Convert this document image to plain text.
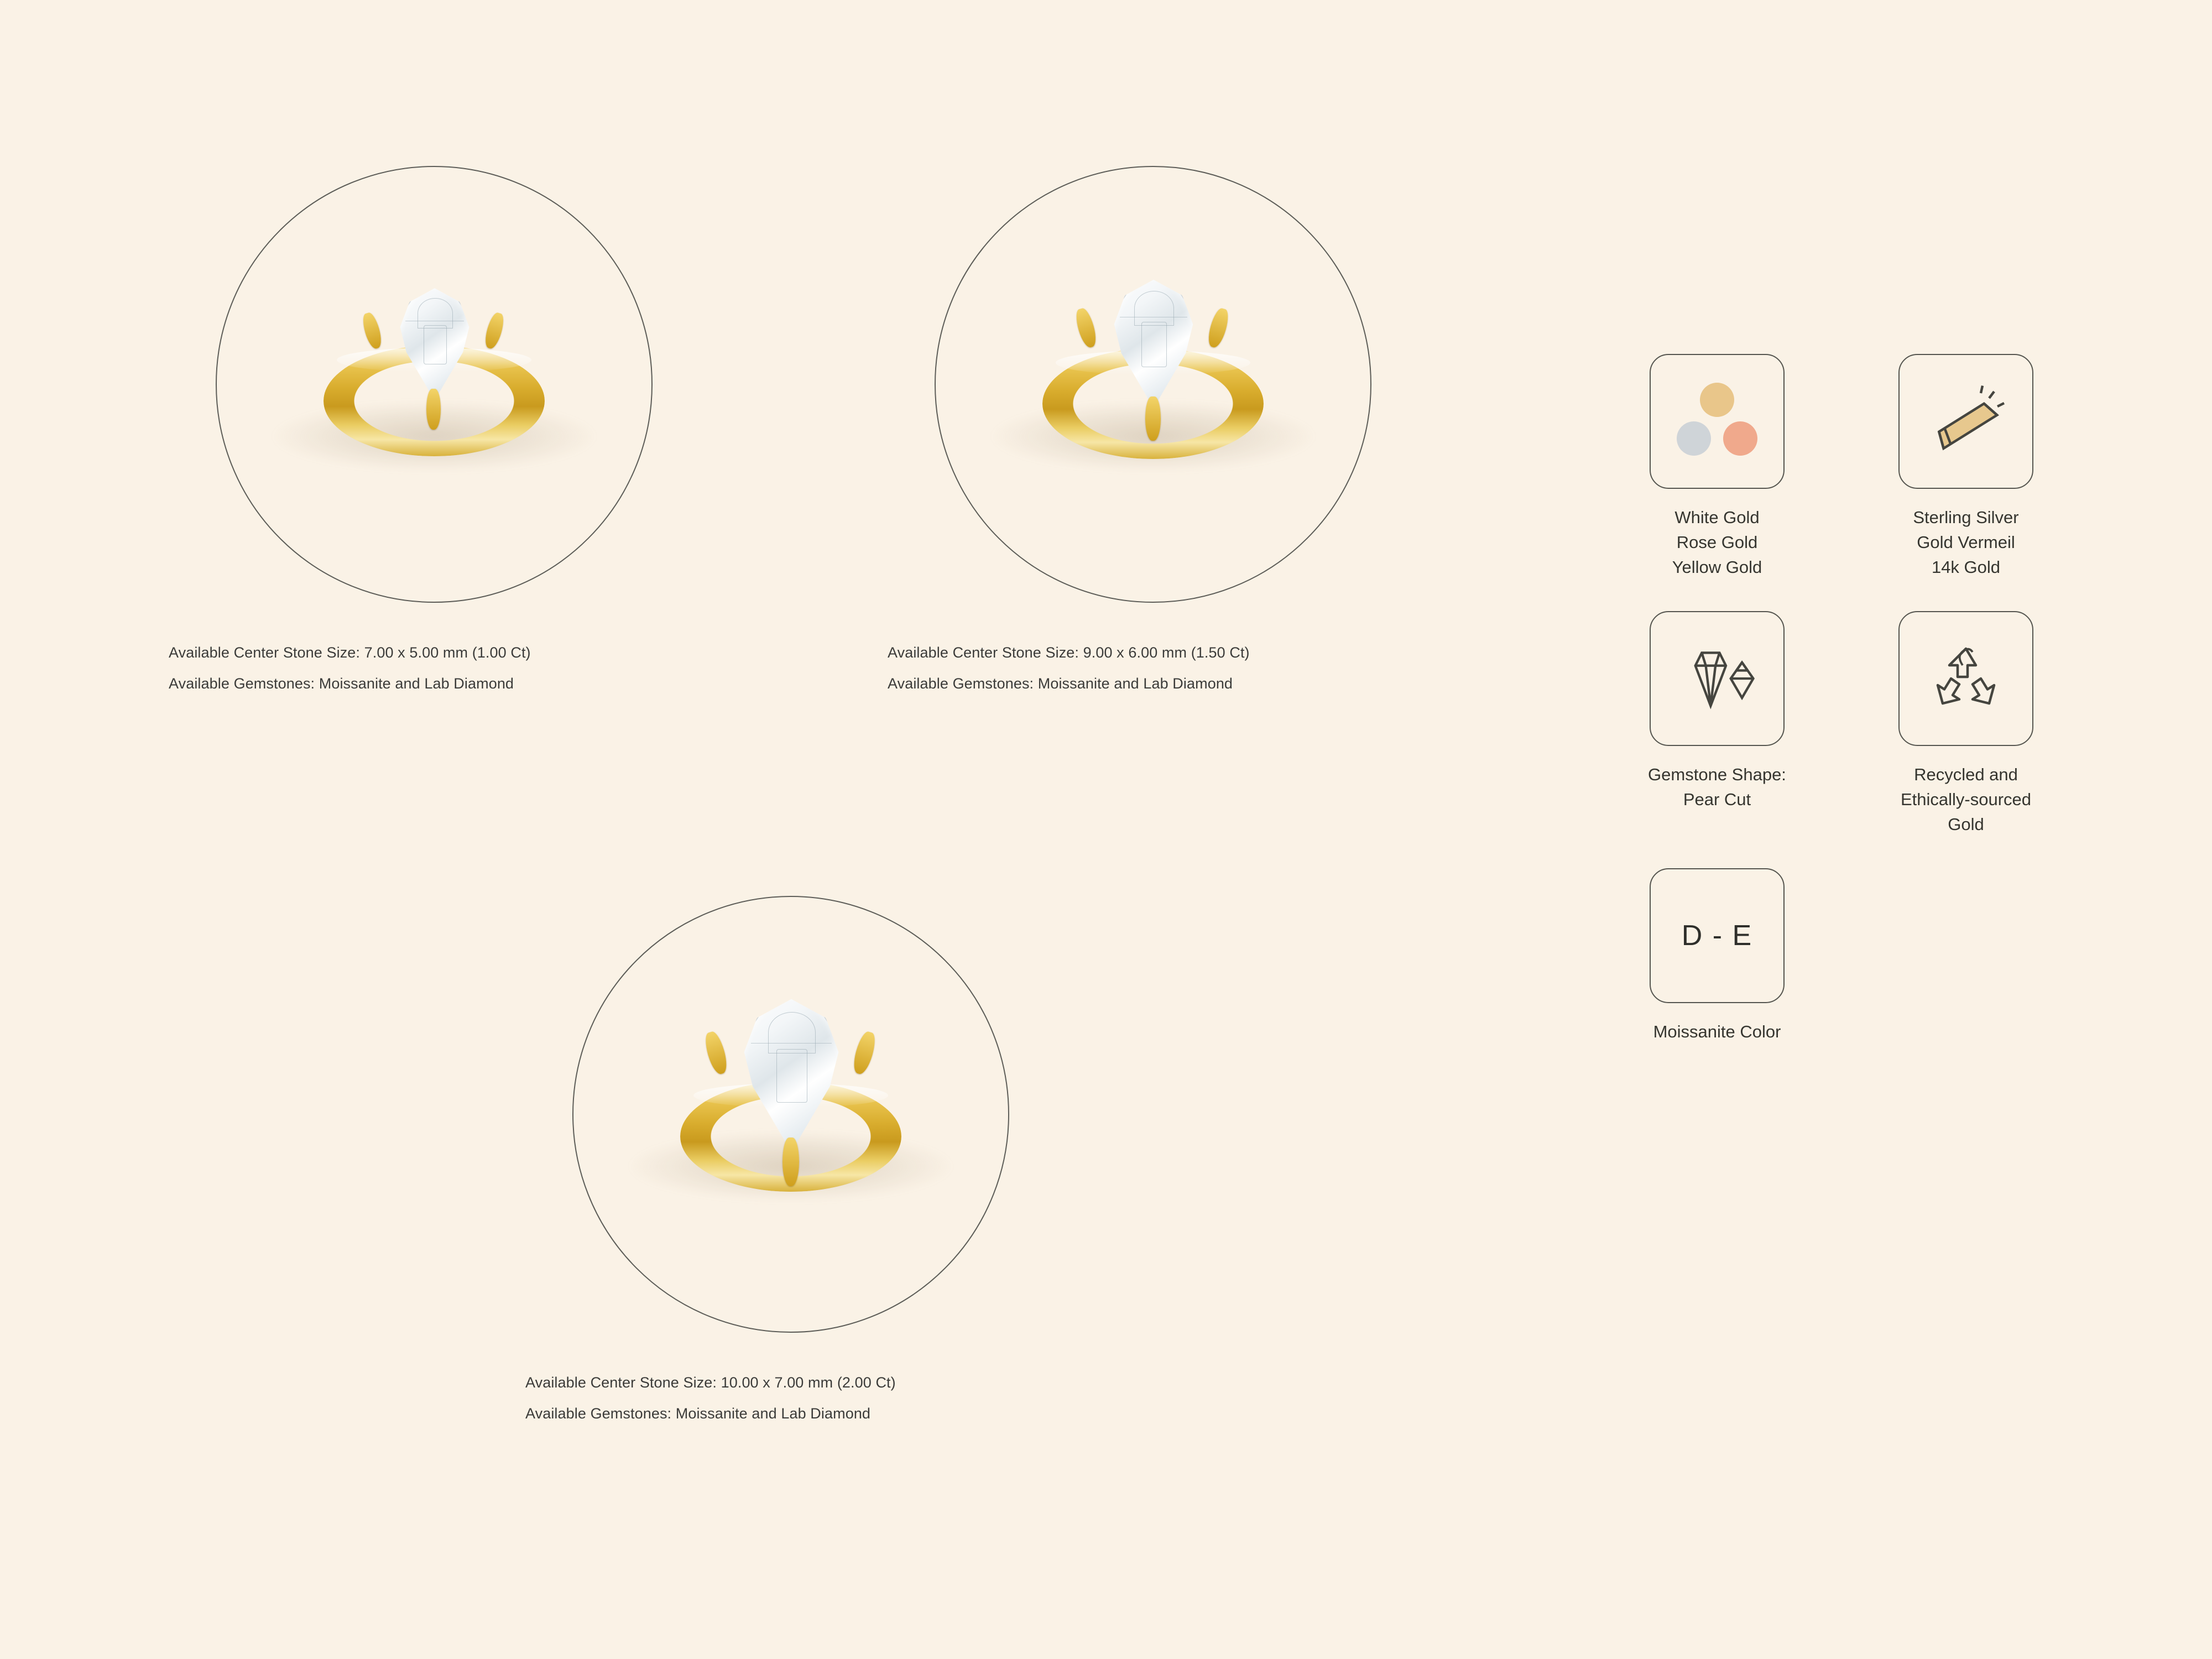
Available Center Stone Size: 7.00 x 5.00 mm (1.00 Ct)
Available Gemstones: Moissanite and Lab Diamond
Available Center Stone Size: 9.00 x 6.00 mm (1.50 Ct)
Available Gemstones: Moissanite and Lab Diamond
Available Center Stone Size: 10.00 x 7.00 mm (2.00 Ct)
Available Gemstones: Moissanite and Lab Diamond
White Gold
Rose Gold
Yellow Gold
Sterling Silver
Gold Vermeil
14k Gold
Gemstone Shape:
Pear Cut
Recycled and
Ethically-sourced
Gold
D - E
Moissanite Color
